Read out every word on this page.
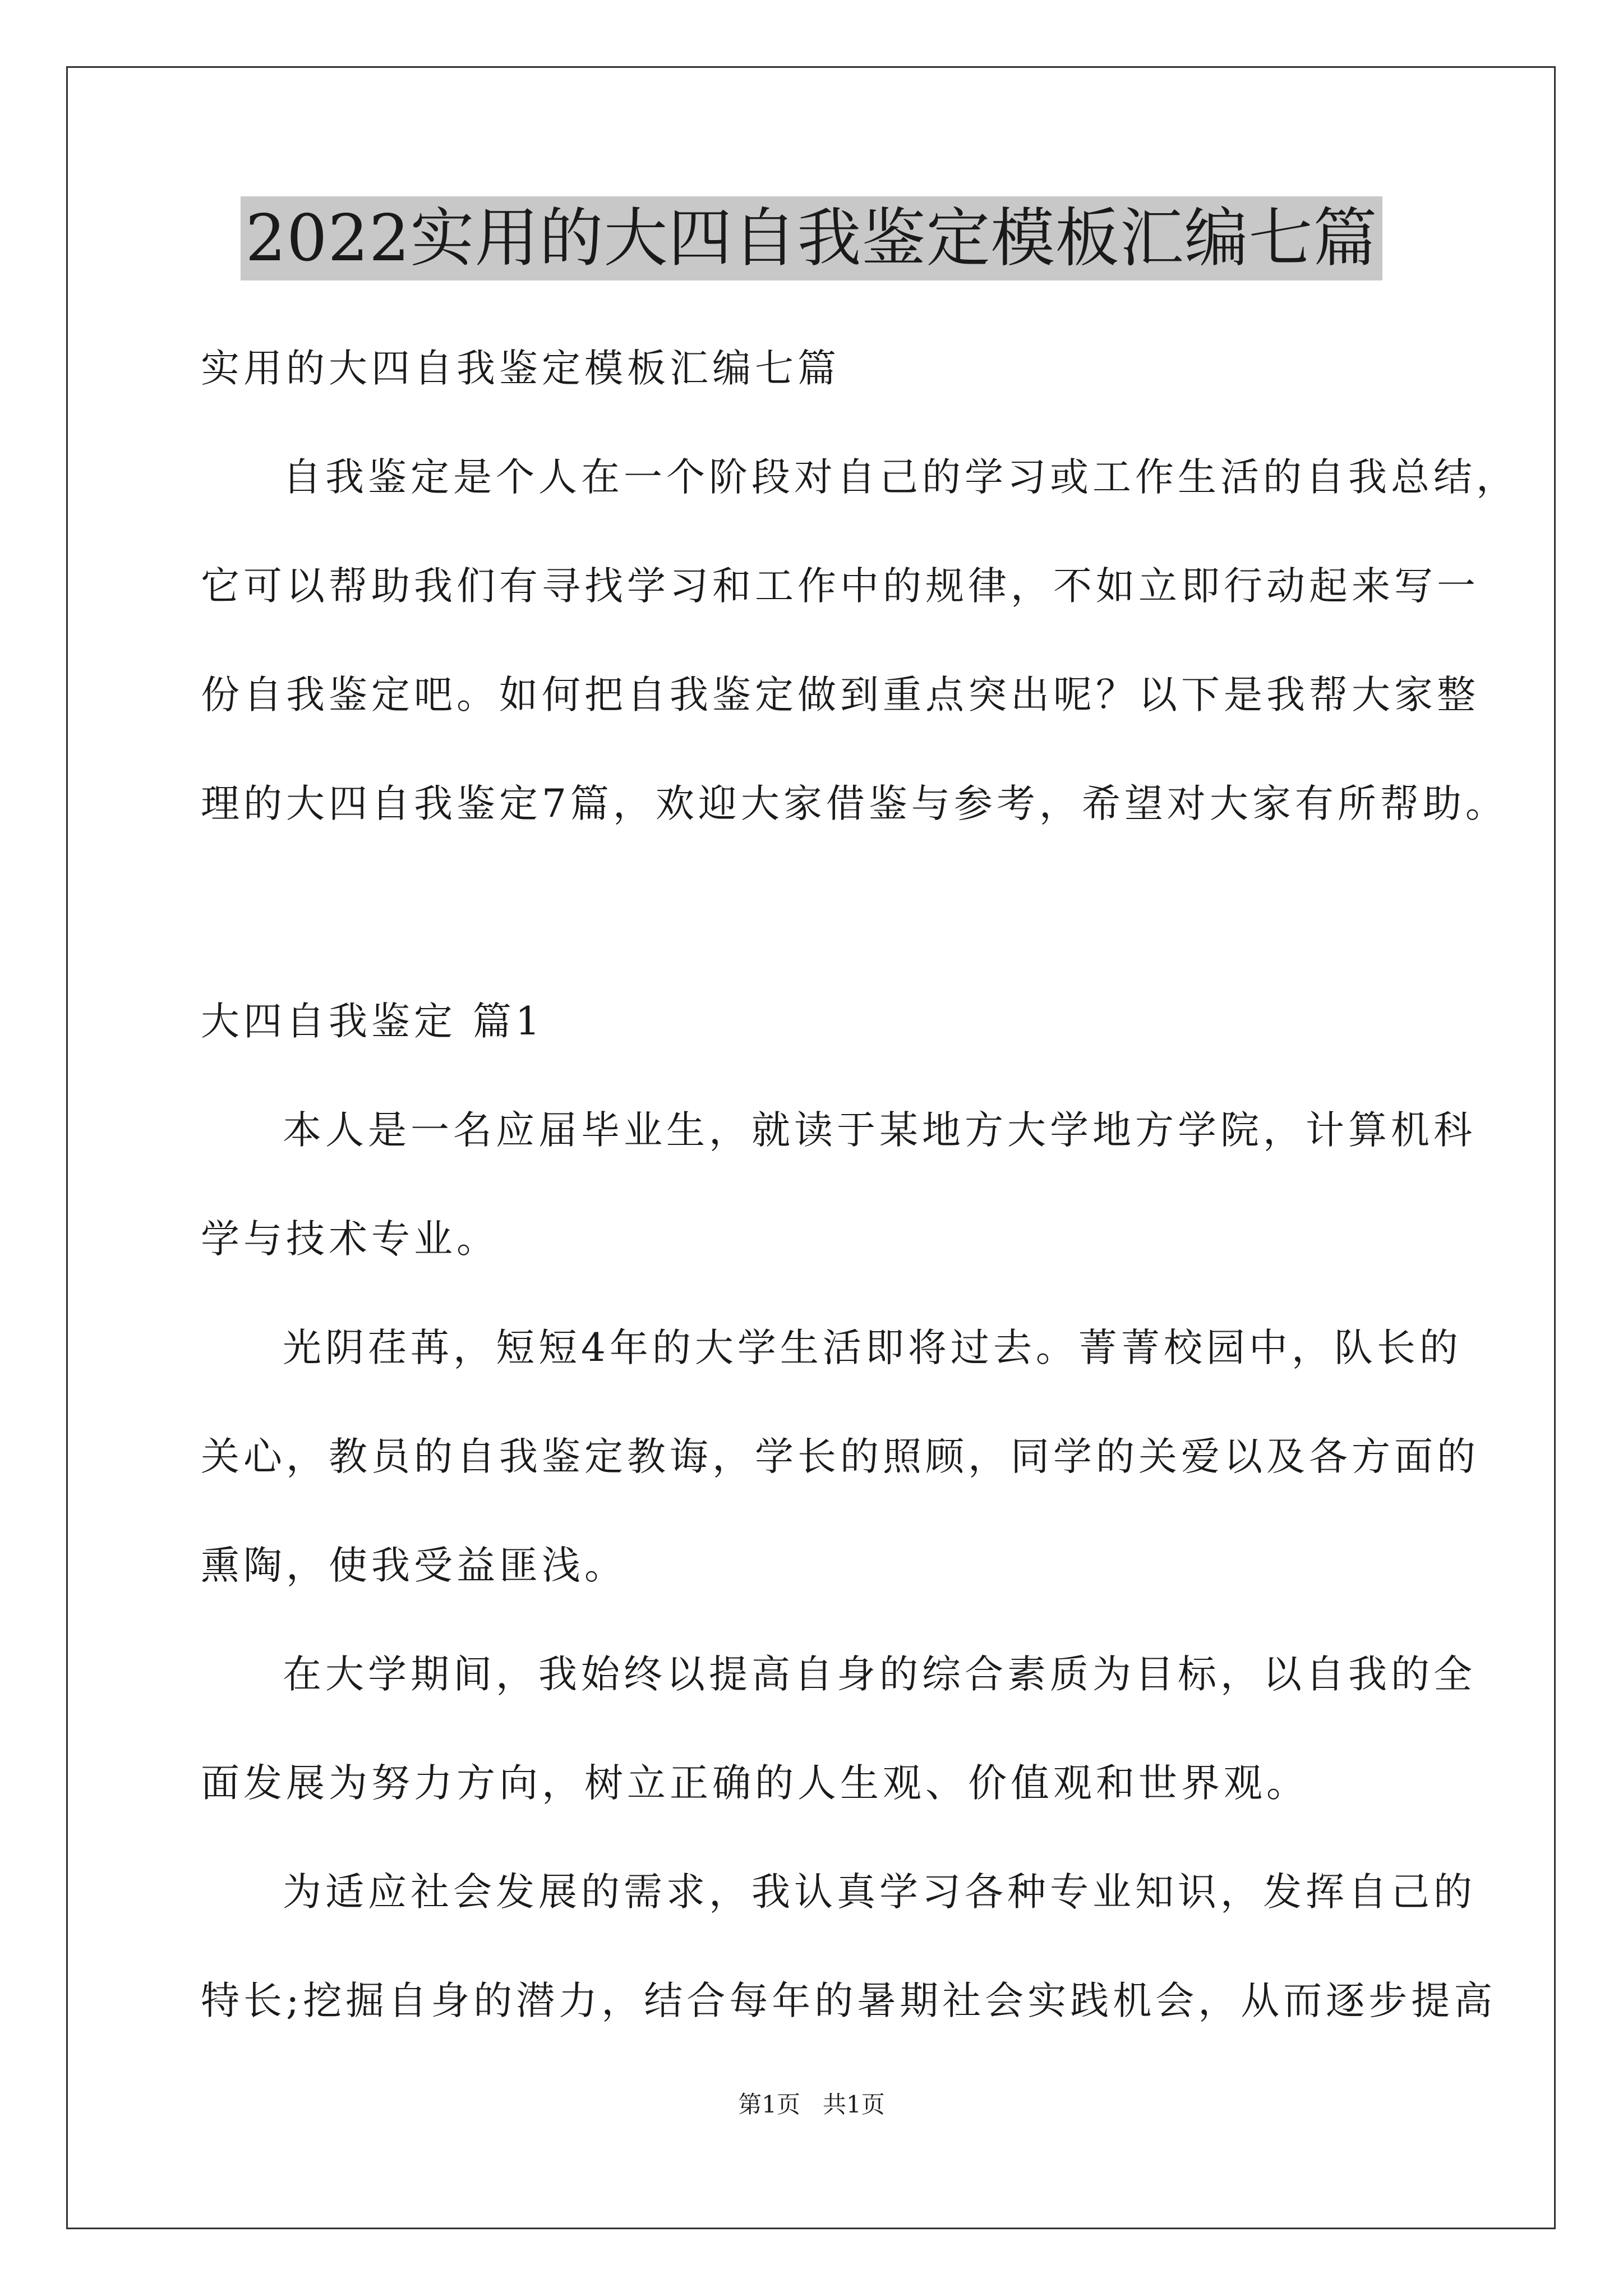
2022实用的大四自我鉴定模板汇编七篇
实用的大四自我鉴定模板汇编七篇
自我鉴定是个人在一个阶段对自己的学习或工作生活的自我总结，
它可以帮助我们有寻找学习和工作中的规律，不如立即行动起来写一
份自我鉴定吧。如何把自我鉴定做到重点突出呢？以下是我帮大家整
理的大四自我鉴定7篇，欢迎大家借鉴与参考，希望对大家有所帮助。
大四自我鉴定 篇1
本人是一名应届毕业生，就读于某地方大学地方学院，计算机科
学与技术专业。
光阴荏苒，短短4年的大学生活即将过去。菁菁校园中，队长的
关心，教员的自我鉴定教诲，学长的照顾，同学的关爱以及各方面的
熏陶，使我受益匪浅。
在大学期间，我始终以提高自身的综合素质为目标，以自我的全
面发展为努力方向，树立正确的人生观、价值观和世界观。
为适应社会发展的需求，我认真学习各种专业知识，发挥自己的
特长;挖掘自身的潜力，结合每年的暑期社会实践机会，从而逐步提高
第1页   共1页
